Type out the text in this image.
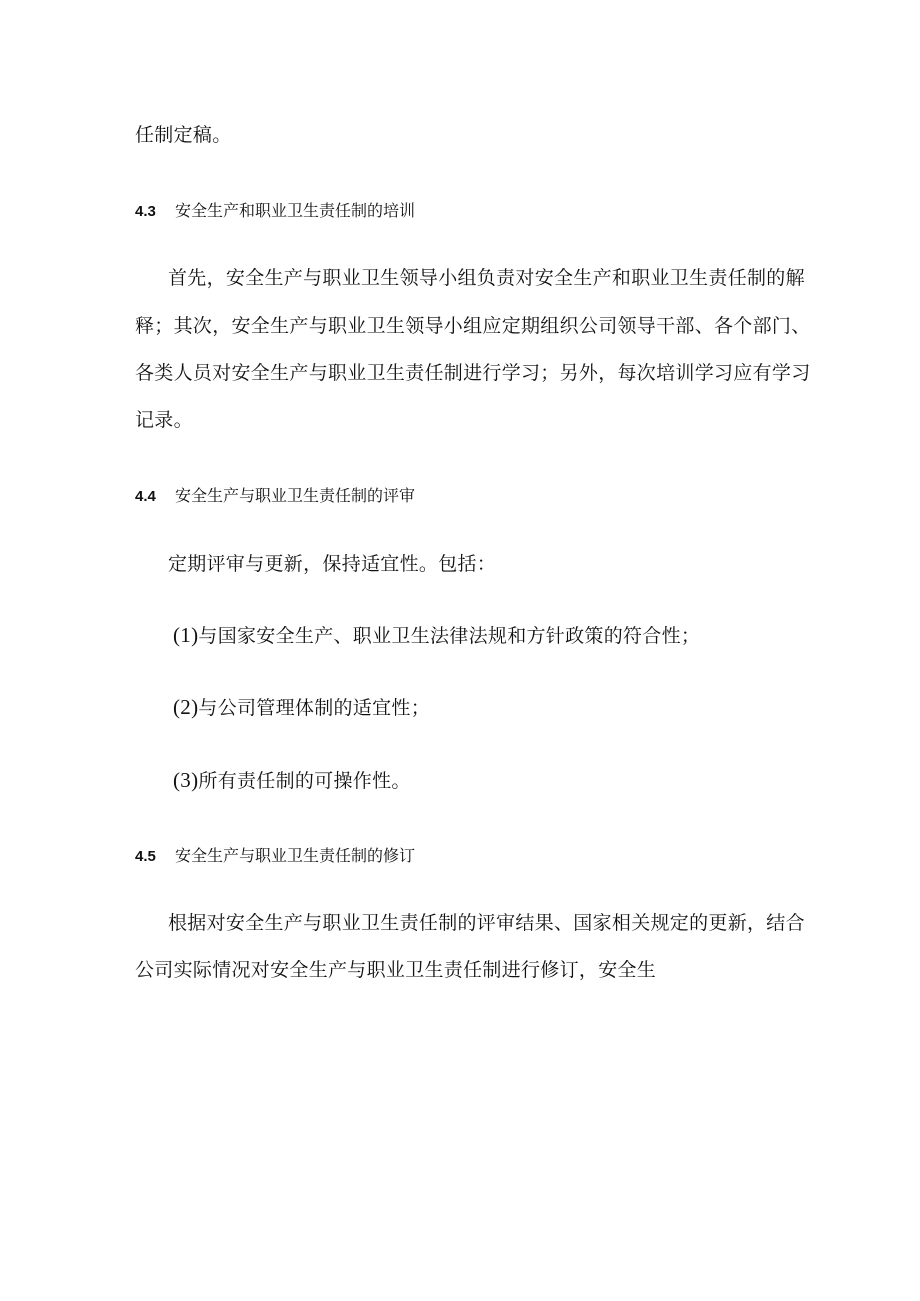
任制定稿。
4.3 安全生产和职业卫生责任制的培训
首先，安全生产与职业卫生领导小组负责对安全生产和职业卫生责任制的解
释；其次，安全生产与职业卫生领导小组应定期组织公司领导干部、各个部门、
各类人员对安全生产与职业卫生责任制进行学习；另外，每次培训学习应有学习
记录。
4.4 安全生产与职业卫生责任制的评审
定期评审与更新，保持适宜性。包括：
(1)与国家安全生产、职业卫生法律法规和方针政策的符合性；
(2)与公司管理体制的适宜性；
(3)所有责任制的可操作性。
4.5 安全生产与职业卫生责任制的修订
根据对安全生产与职业卫生责任制的评审结果、国家相关规定的更新，结合
公司实际情况对安全生产与职业卫生责任制进行修订，安全生
